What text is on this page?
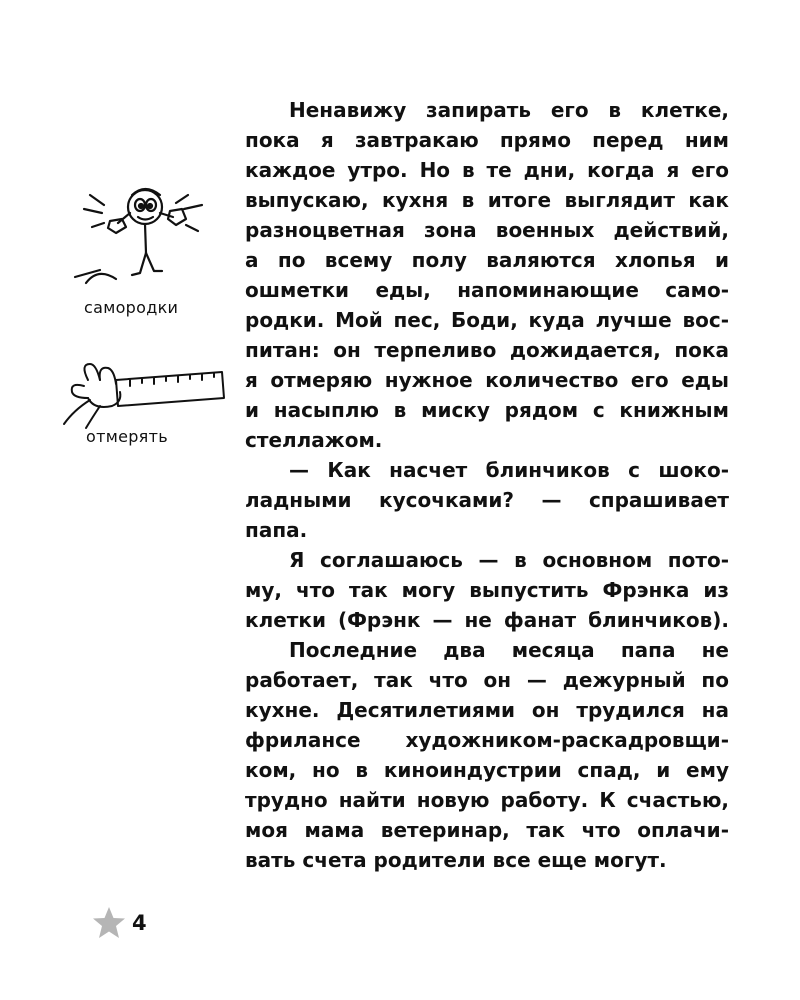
самородки
отмерять
Ненавижу запирать его в клетке,
пока я завтракаю прямо перед ним
каждое утро. Но в те дни, когда я его
выпускаю, кухня в итоге выглядит как
разноцветная зона военных действий,
а по всему полу валяются хлопья и
ошметки еды, напоминающие само-
родки. Мой пес, Боди, куда лучше вос-
питан: он терпеливо дожидается, пока
я отмеряю нужное количество его еды
и насыплю в миску рядом с книжным
стеллажом.
— Как насчет блинчиков с шоко-
ладными кусочками? — спрашивает
папа.
Я соглашаюсь — в основном пото-
му, что так могу выпустить Фрэнка из
клетки (Фрэнк — не фанат блинчиков).
Последние два месяца папа не
работает, так что он — дежурный по
кухне. Десятилетиями он трудился на
фрилансе художником-раскадровщи-
ком, но в киноиндустрии спад, и ему
трудно найти новую работу. К счастью,
моя мама ветеринар, так что оплачи-
вать счета родители все еще могут.
4
